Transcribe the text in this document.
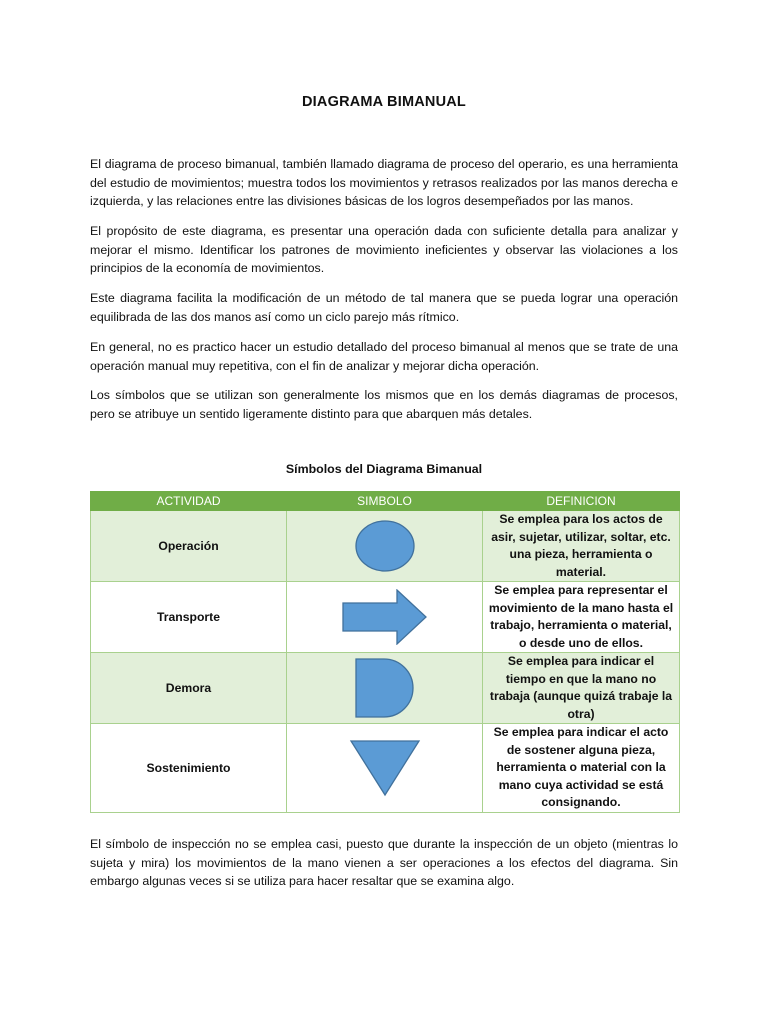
DIAGRAMA BIMANUAL

El diagrama de proceso bimanual, también llamado diagrama de proceso del operario, es una herramienta del estudio de movimientos; muestra todos los movimientos y retrasos realizados por las manos derecha e izquierda, y las relaciones entre las divisiones básicas de los logros desempeñados por las manos.

El propósito de este diagrama, es presentar una operación dada con suficiente detalla para analizar y mejorar el mismo. Identificar los patrones de movimiento ineficientes y observar las violaciones a los principios de la economía de movimientos.

Este diagrama facilita la modificación de un método de tal manera que se pueda lograr una operación equilibrada de las dos manos así como un ciclo parejo más rítmico.

En general, no es practico hacer un estudio detallado del proceso bimanual al menos que se trate de una operación manual muy repetitiva, con el fin de analizar y mejorar dicha operación.

Los símbolos que se utilizan son generalmente los mismos que en los demás diagramas de procesos, pero se atribuye un sentido ligeramente distinto para que abarquen más detales.

Símbolos del Diagrama Bimanual
ACTIVIDAD	SIMBOLO	DEFINICION
Operación		Se emplea para los actos de asir, sujetar, utilizar, soltar, etc. una pieza, herramienta o material.
Transporte		Se emplea para representar el movimiento de la mano hasta el trabajo, herramienta o material, o desde uno de ellos.
Demora		Se emplea para indicar el tiempo en que la mano no trabaja (aunque quizá trabaje la otra)
Sostenimiento		Se emplea para indicar el acto de sostener alguna pieza, herramienta o material con la mano cuya actividad se está consignando.

El símbolo de inspección no se emplea casi, puesto que durante la inspección de un objeto (mientras lo sujeta y mira) los movimientos de la mano vienen a ser operaciones a los efectos del diagrama. Sin embargo algunas veces si se utiliza para hacer resaltar que se examina algo.
